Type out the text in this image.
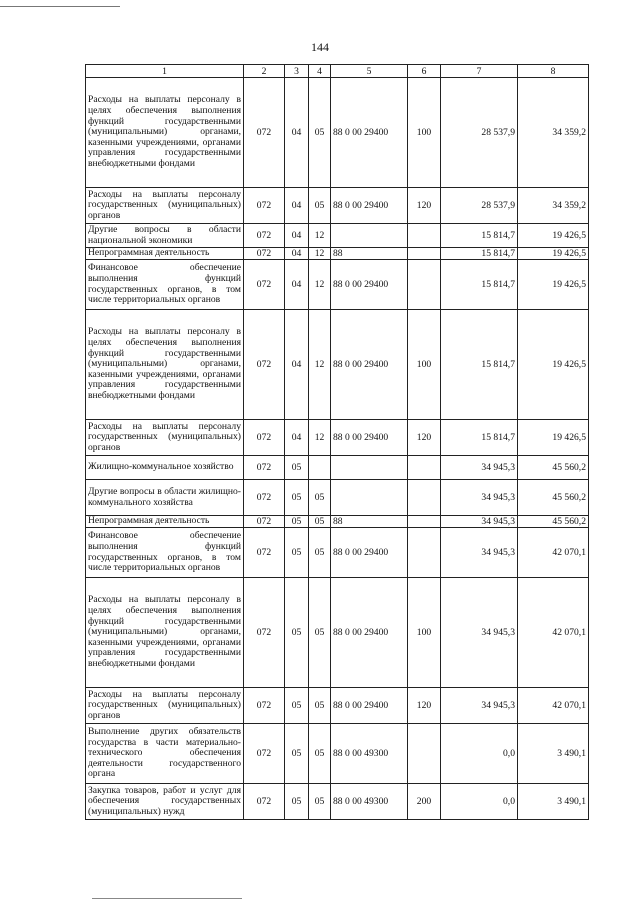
144
1	2	3	4	5	6	7	8
Расходы на выплаты персоналу в целях обеспечения выполнения функций государственными (муниципальными) органами, казенными учреждениями, органами управления государственными внебюджетными фондами	072	04	05	88 0 00 29400	100	28 537,9	34 359,2
Расходы на выплаты персоналу государственных (муниципальных) органов	072	04	05	88 0 00 29400	120	28 537,9	34 359,2
Другие вопросы в области национальной экономики	072	04	12			15 814,7	19 426,5
Непрограммная деятельность	072	04	12	88		15 814,7	19 426,5
Финансовое обеспечение выполнения функций государственных органов, в том числе территориальных органов	072	04	12	88 0 00 29400		15 814,7	19 426,5
Расходы на выплаты персоналу в целях обеспечения выполнения функций государственными (муниципальными) органами, казенными учреждениями, органами управления государственными внебюджетными фондами	072	04	12	88 0 00 29400	100	15 814,7	19 426,5
Расходы на выплаты персоналу государственных (муниципальных) органов	072	04	12	88 0 00 29400	120	15 814,7	19 426,5
Жилищно-коммунальное хозяйство	072	05				34 945,3	45 560,2
Другие вопросы в области жилищно-коммунального хозяйства	072	05	05			34 945,3	45 560,2
Непрограммная деятельность	072	05	05	88		34 945,3	45 560,2
Финансовое обеспечение выполнения функций государственных органов, в том числе территориальных органов	072	05	05	88 0 00 29400		34 945,3	42 070,1
Расходы на выплаты персоналу в целях обеспечения выполнения функций государственными (муниципальными) органами, казенными учреждениями, органами управления государственными внебюджетными фондами	072	05	05	88 0 00 29400	100	34 945,3	42 070,1
Расходы на выплаты персоналу государственных (муниципальных) органов	072	05	05	88 0 00 29400	120	34 945,3	42 070,1
Выполнение других обязательств государства в части материально-технического обеспечения деятельности государственного органа	072	05	05	88 0 00 49300		0,0	3 490,1
Закупка товаров, работ и услуг для обеспечения государственных (муниципальных) нужд	072	05	05	88 0 00 49300	200	0,0	3 490,1
